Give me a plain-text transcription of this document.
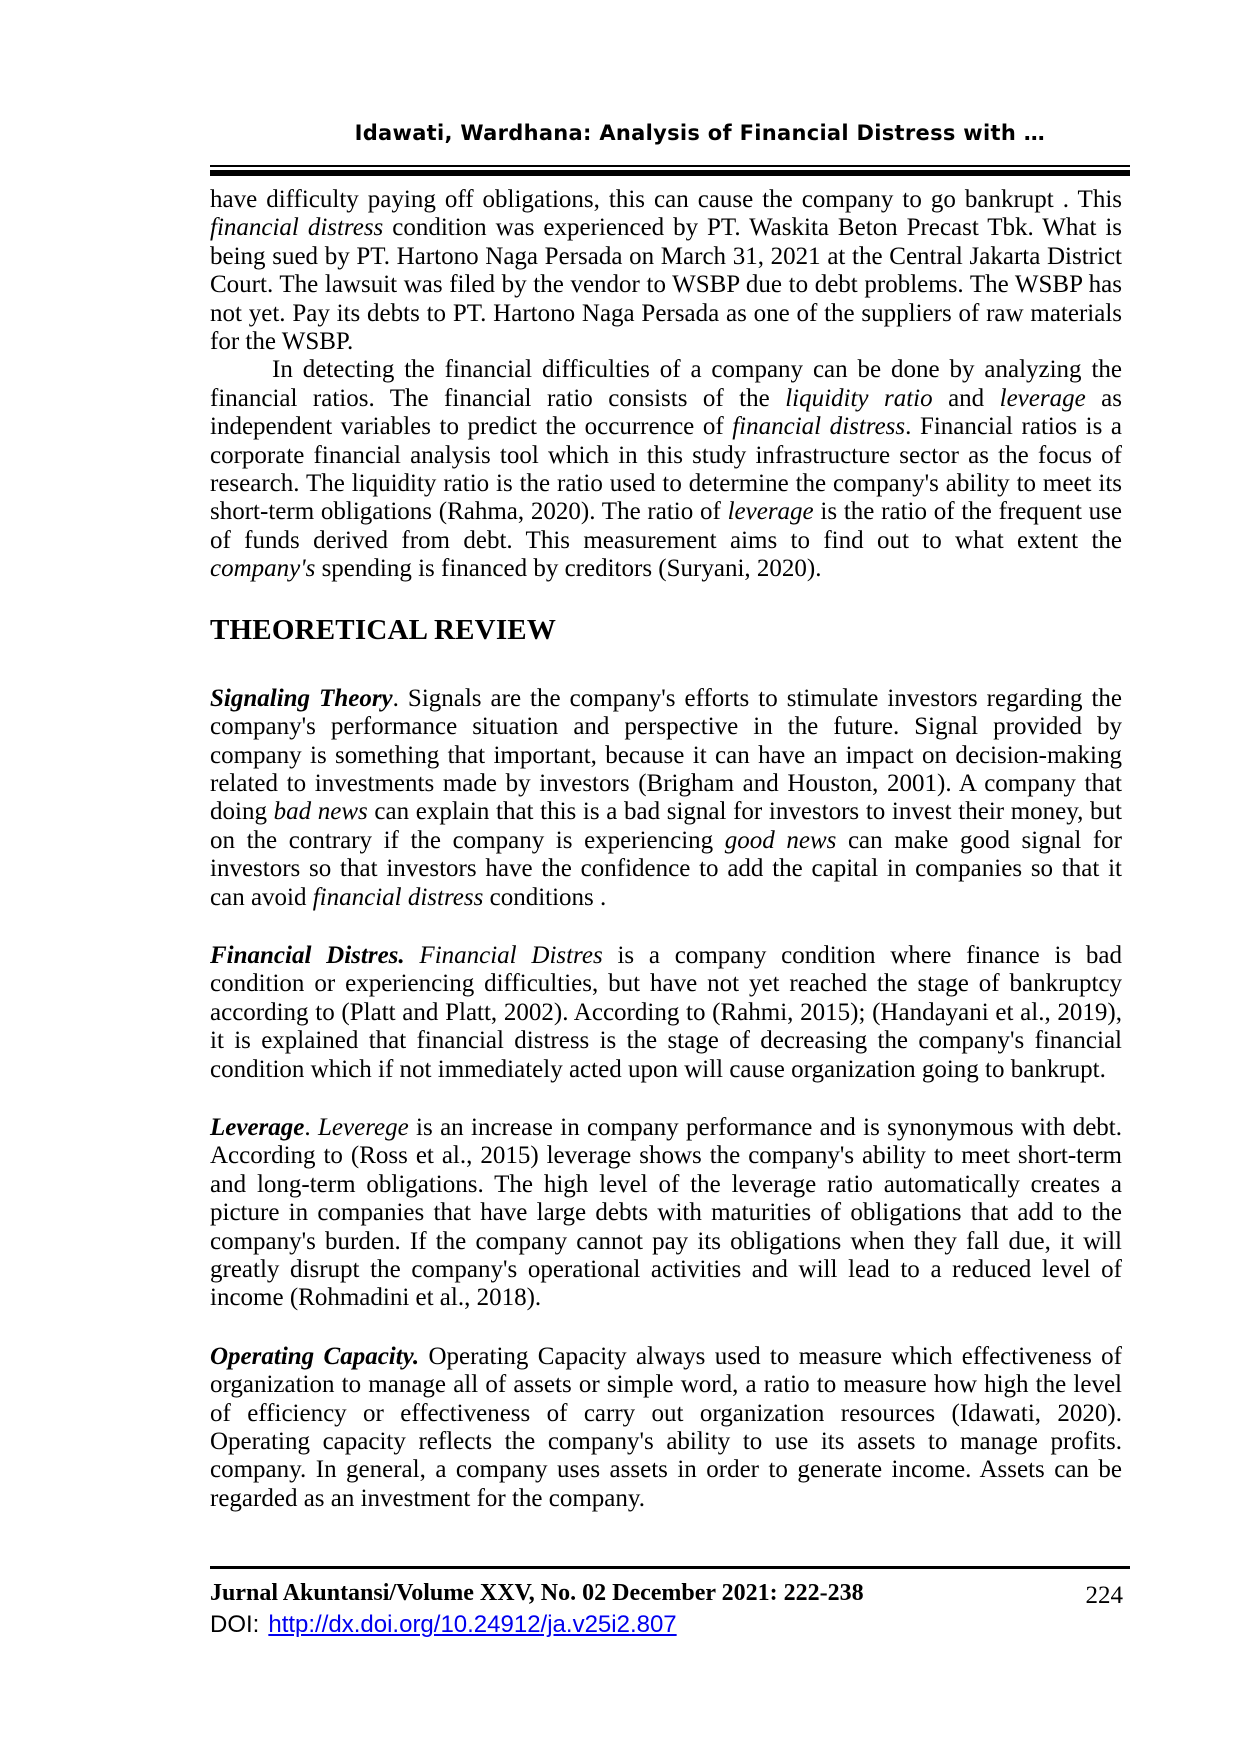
Idawati, Wardhana: Analysis of Financial Distress with …

have difficulty paying off obligations, this can cause the company to go bankrupt . This financial distress condition was experienced by PT. Waskita Beton Precast Tbk. What is being sued by PT. Hartono Naga Persada on March 31, 2021 at the Central Jakarta District Court. The lawsuit was filed by the vendor to WSBP due to debt problems. The WSBP has not yet. Pay its debts to PT. Hartono Naga Persada as one of the suppliers of raw materials for the WSBP.

In detecting the financial difficulties of a company can be done by analyzing the financial ratios. The financial ratio consists of the liquidity ratio and leverage as independent variables to predict the occurrence of financial distress. Financial ratios is a corporate financial analysis tool which in this study infrastructure sector as the focus of research. The liquidity ratio is the ratio used to determine the company's ability to meet its short-term obligations (Rahma, 2020). The ratio of leverage is the ratio of the frequent use of funds derived from debt. This measurement aims to find out to what extent the company's spending is financed by creditors (Suryani, 2020).

THEORETICAL REVIEW

Signaling Theory. Signals are the company's efforts to stimulate investors regarding the company's performance situation and perspective in the future. Signal provided by company is something that important, because it can have an impact on decision-making related to investments made by investors (Brigham and Houston, 2001). A company that doing bad news can explain that this is a bad signal for investors to invest their money, but on the contrary if the company is experiencing good news can make good signal for investors so that investors have the confidence to add the capital in companies so that it can avoid financial distress conditions .

Financial Distres. Financial Distres is a company condition where finance is bad condition or experiencing difficulties, but have not yet reached the stage of bankruptcy according to (Platt and Platt, 2002). According to (Rahmi, 2015); (Handayani et al., 2019), it is explained that financial distress is the stage of decreasing the company's financial condition which if not immediately acted upon will cause organization going to bankrupt.

Leverage. Leverege is an increase in company performance and is synonymous with debt. According to (Ross et al., 2015) leverage shows the company's ability to meet short-term and long-term obligations. The high level of the leverage ratio automatically creates a picture in companies that have large debts with maturities of obligations that add to the company's burden. If the company cannot pay its obligations when they fall due, it will greatly disrupt the company's operational activities and will lead to a reduced level of income (Rohmadini et al., 2018).

Operating Capacity. Operating Capacity always used to measure which effectiveness of organization to manage all of assets or simple word, a ratio to measure how high the level of efficiency or effectiveness of carry out organization resources (Idawati, 2020). Operating capacity reflects the company's ability to use its assets to manage profits. company. In general, a company uses assets in order to generate income. Assets can be regarded as an investment for the company.

Jurnal Akuntansi/Volume XXV, No. 02 December 2021: 222-238
DOI: http://dx.doi.org/10.24912/ja.v25i2.807
224
